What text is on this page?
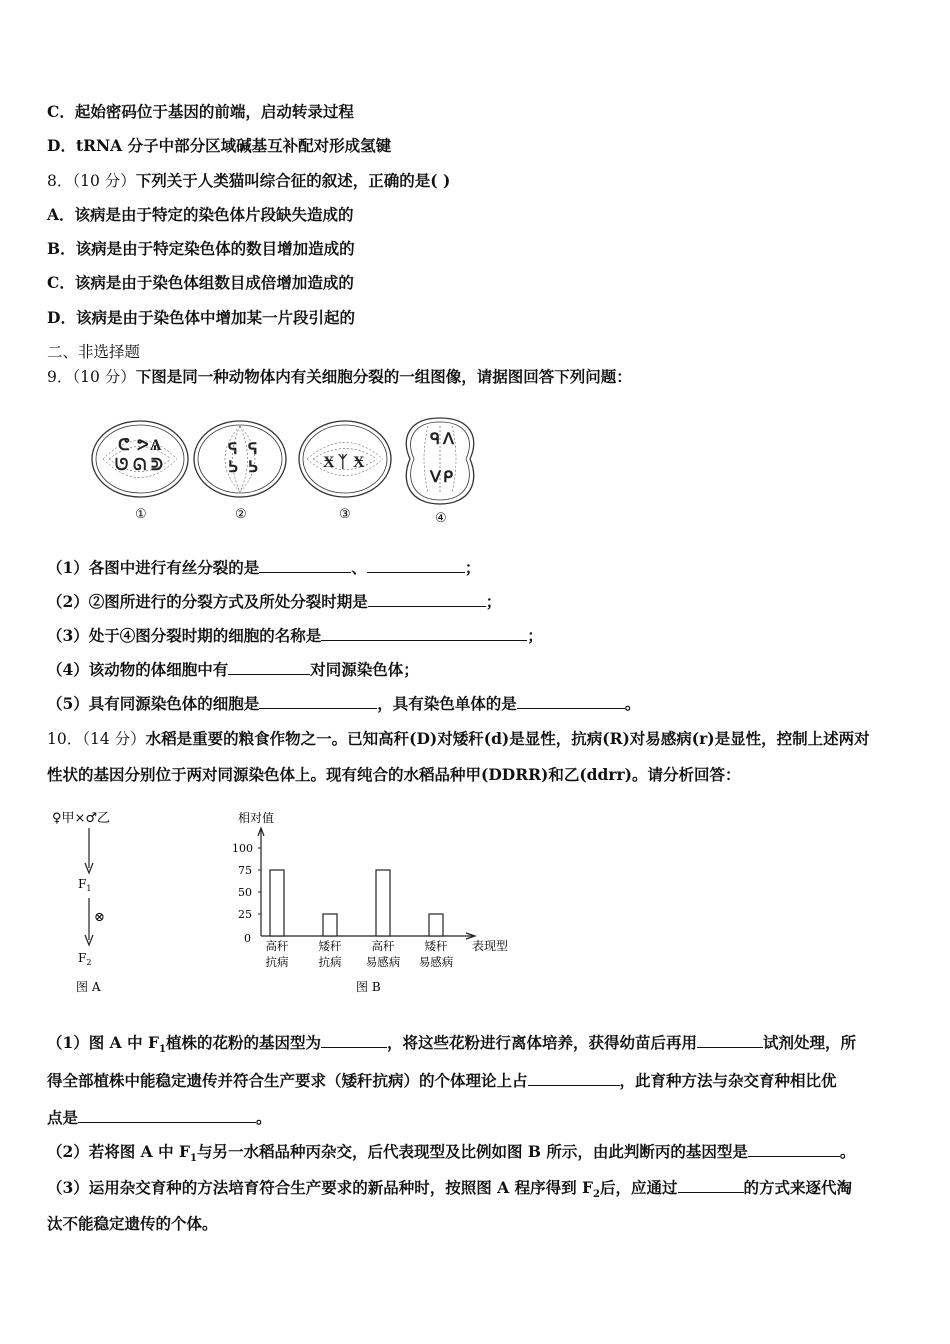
C．起始密码位于基因的前端，启动转录过程
D．tRNA 分子中部分区域碱基互补配对形成氢键
8．（10 分）下列关于人类猫叫综合征的叙述，正确的是( )
A．该病是由于特定的染色体片段缺失造成的
B．该病是由于特定染色体的数目增加造成的
C．该病是由于染色体组数目成倍增加造成的
D．该病是由于染色体中增加某一片段引起的
二、非选择题
9．（10 分）下图是同一种动物体内有关细胞分裂的一组图像，请据图回答下列问题：
ᕦ ᕗ Ѧ
ᘎ ᘏ ᕲ
ᕋ ᕋ
ᕊ ᕊ	Ӿ ᛉ Ӿ
ᑫ ᐱ
ᐯ ᑭ
①	②	③	④
（1）各图中进行有丝分裂的是	、	；
（2）②图所进行的分裂方式及所处分裂时期是	；
（3）处于④图分裂时期的细胞的名称是	；
（4）该动物的体细胞中有	对同源染色体；
（5）具有同源染色体的细胞是	，具有染色单体的是	。
10．（14 分）水稻是重要的粮食作物之一。已知高秆(D)对矮秆(d)是显性，抗病(R)对易感病(r)是显性，控制上述两对
性状的基因分别位于两对同源染色体上。现有纯合的水稻品种甲(DDRR)和乙(ddrr)。请分析回答：
♀甲×♂乙
$F_1$
⊗
$F_2$
图 A
相对值
表现型
0
25
50
75
100
高秆
抗病
矮秆
抗病
高秆
易感病
矮秆
易感病
图 B
（1）图 A 中 $F_1$植株的花粉的基因型为	，将这些花粉进行离体培养，获得幼苗后再用	试剂处理，所
得全部植株中能稳定遗传并符合生产要求（矮秆抗病）的个体理论上占	，此育种方法与杂交育种相比优
点是	。
（2）若将图 A 中 $F_1$与另一水稻品种丙杂交，后代表现型及比例如图 B 所示，由此判断丙的基因型是	。
（3）运用杂交育种的方法培育符合生产要求的新品种时，按照图 A 程序得到 $F_2$后，应通过	的方式来逐代淘
汰不能稳定遗传的个体。
